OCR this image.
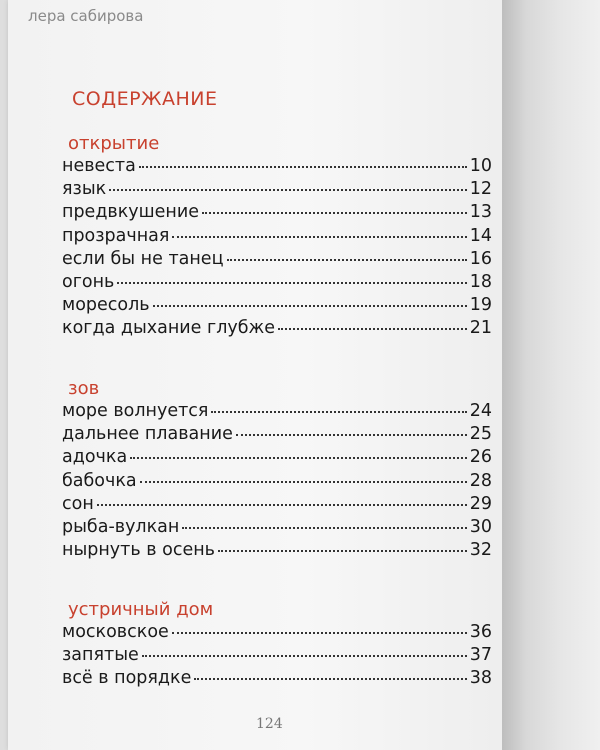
лера сабирова
СОДЕРЖАНИЕ
открытие
невеста	10
язык	12
предвкушение	13
прозрачная	14
если бы не танец	16
огонь	18
моресоль	19
когда дыхание глубже	21
зов
море волнуется	24
дальнее плавание	25
адочка	26
бабочка	28
сон	29
рыба-вулкан	30
нырнуть в осень	32
устричный дом
московское	36
запятые	37
всё в порядке	38
124
